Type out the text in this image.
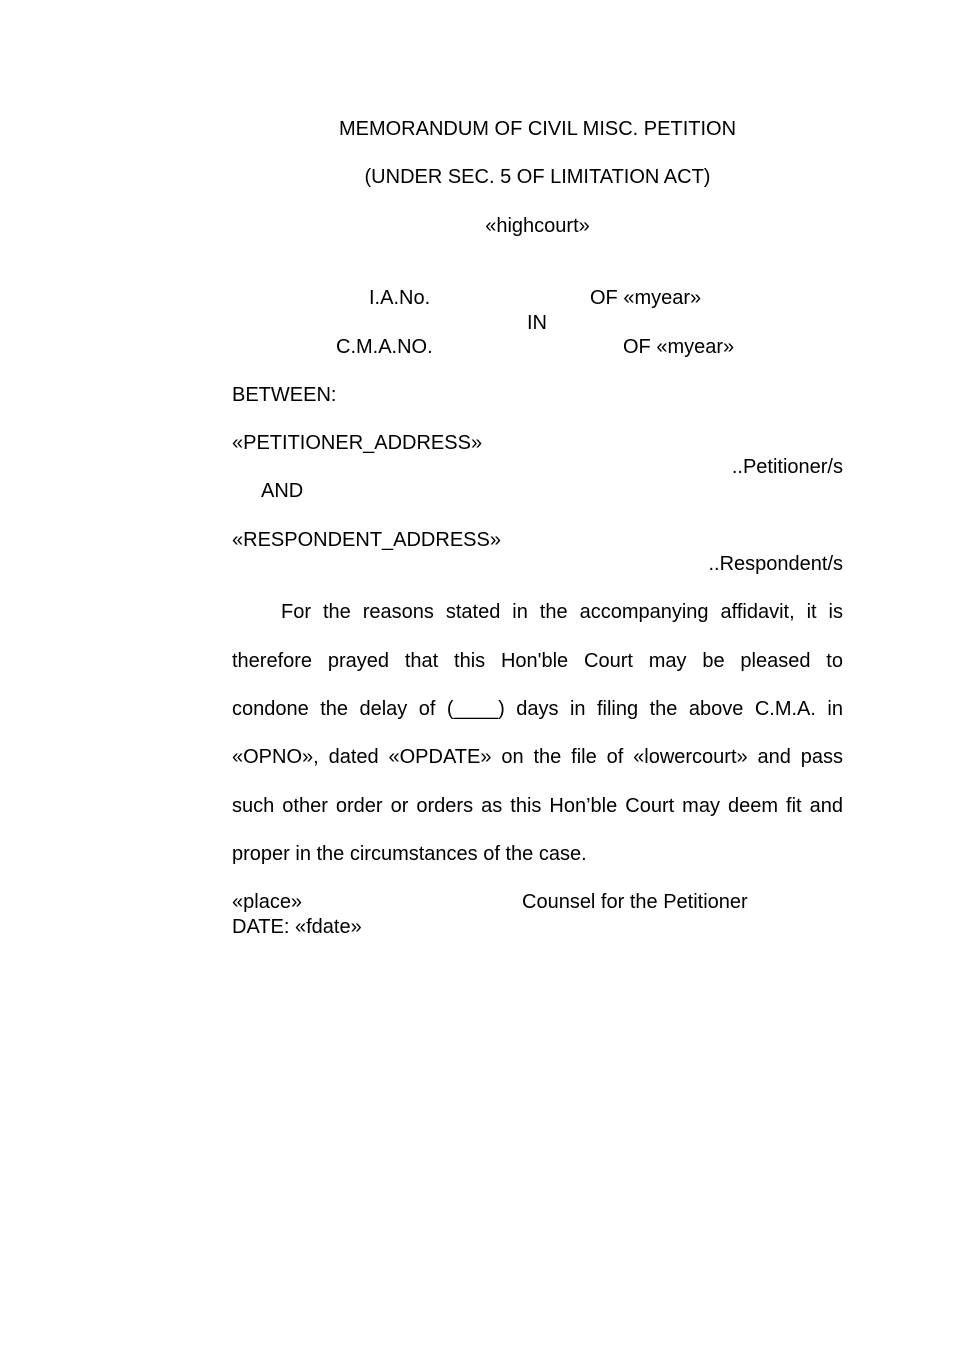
MEMORANDUM OF CIVIL MISC. PETITION
(UNDER SEC. 5 OF LIMITATION ACT)
«highcourt»
I.A.No.	OF «myear»
IN
C.M.A.NO.	OF «myear»
BETWEEN:
«PETITIONER_ADDRESS»
..Petitioner/s
AND
«RESPONDENT_ADDRESS»
..Respondent/s
For the reasons stated in the accompanying affidavit, it is
therefore prayed that this Hon'ble Court may be pleased to
condone the delay of (____) days in filing the above C.M.A. in
«OPNO», dated «OPDATE» on the file of «lowercourt» and pass
such other order or orders as this Hon’ble Court may deem fit and
proper in the circumstances of the case.
«place»	Counsel for the Petitioner
DATE: «fdate»
